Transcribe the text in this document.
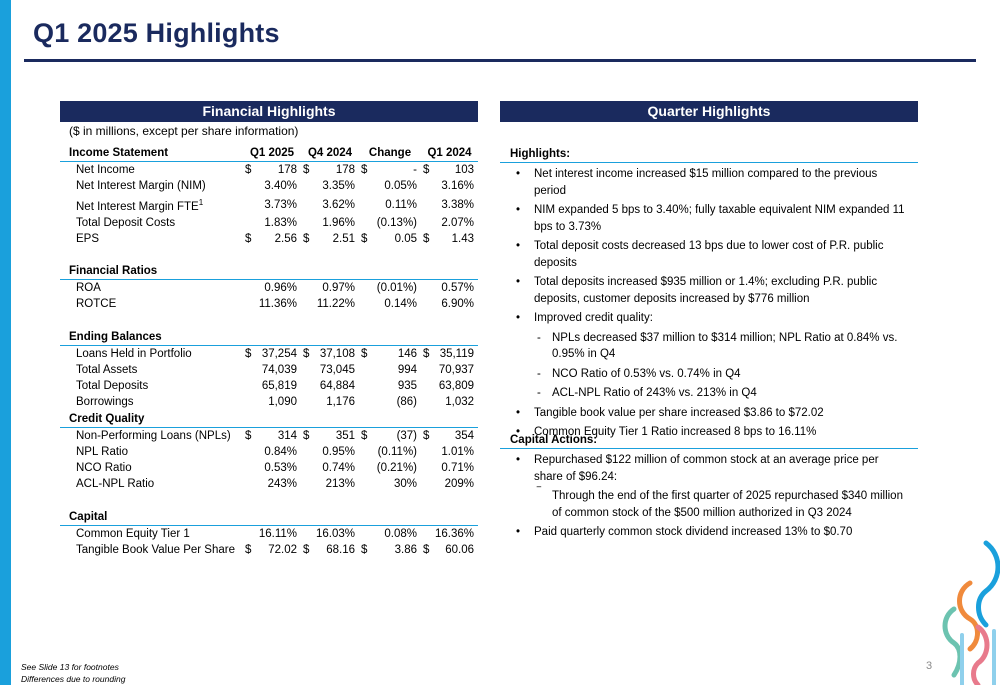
Q1 2025 Highlights
Financial Highlights	Quarter Highlights
($ in millions, except per share information)
Income Statement	Q1 2025		Q4 2024		Change		Q1 2024	
Net Income	$	178	$	178	$	-	$	103
Net Interest Margin (NIM)		3.40%		3.35%		0.05%		3.16%
Net Interest Margin FTE$^1$		3.73%		3.62%		0.11%		3.38%
Total Deposit Costs		1.83%		1.96%		(0.13%)		2.07%
EPS	$	2.56	$	2.51	$	0.05	$	1.43

Financial Ratios								
ROA		0.96%		0.97%		(0.01%)		0.57%
ROTCE		11.36%		11.22%		0.14%		6.90%

Ending Balances								
Loans Held in Portfolio	$	37,254	$	37,108	$	146	$	35,119
Total Assets		74,039		73,045		994		70,937
Total Deposits		65,819		64,884		935		63,809
Borrowings		1,090		1,176		(86)		1,032
Credit Quality								
Non-Performing Loans (NPLs)	$	314	$	351	$	(37)	$	354
NPL Ratio		0.84%		0.95%		(0.11%)		1.01%
NCO Ratio		0.53%		0.74%		(0.21%)		0.71%
ACL-NPL Ratio		243%		213%		30%		209%

Capital								
Common Equity Tier 1		16.11%		16.03%		0.08%		16.36%
Tangible Book Value Per Share	$	72.02	$	68.16	$	3.86	$	60.06
Highlights:
• Net interest income increased $15 million compared to the previous period
• NIM expanded 5 bps to 3.40%; fully taxable equivalent NIM expanded 11 bps to 3.73%
• Total deposit costs decreased 13 bps due to lower cost of P.R. public deposits
• Total deposits increased $935 million or 1.4%; excluding P.R. public deposits, customer deposits increased by $776 million
• Improved credit quality:
- NPLs decreased $37 million to $314 million; NPL Ratio at 0.84% vs. 0.95% in Q4
- NCO Ratio of 0.53% vs. 0.74% in Q4
- ACL-NPL Ratio of 243% vs. 213% in Q4
• Tangible book value per share increased $3.86 to $72.02
• Common Equity Tier 1 Ratio increased 8 bps to 16.11%
Capital Actions:
• Repurchased $122 million of common stock at an average price per share of $96.24:
‾ Through the end of the first quarter of 2025 repurchased $340 million of common stock of the $500 million authorized in Q3 2024
• Paid quarterly common stock dividend increased 13% to $0.70
See Slide 13 for footnotes
Differences due to rounding
3
